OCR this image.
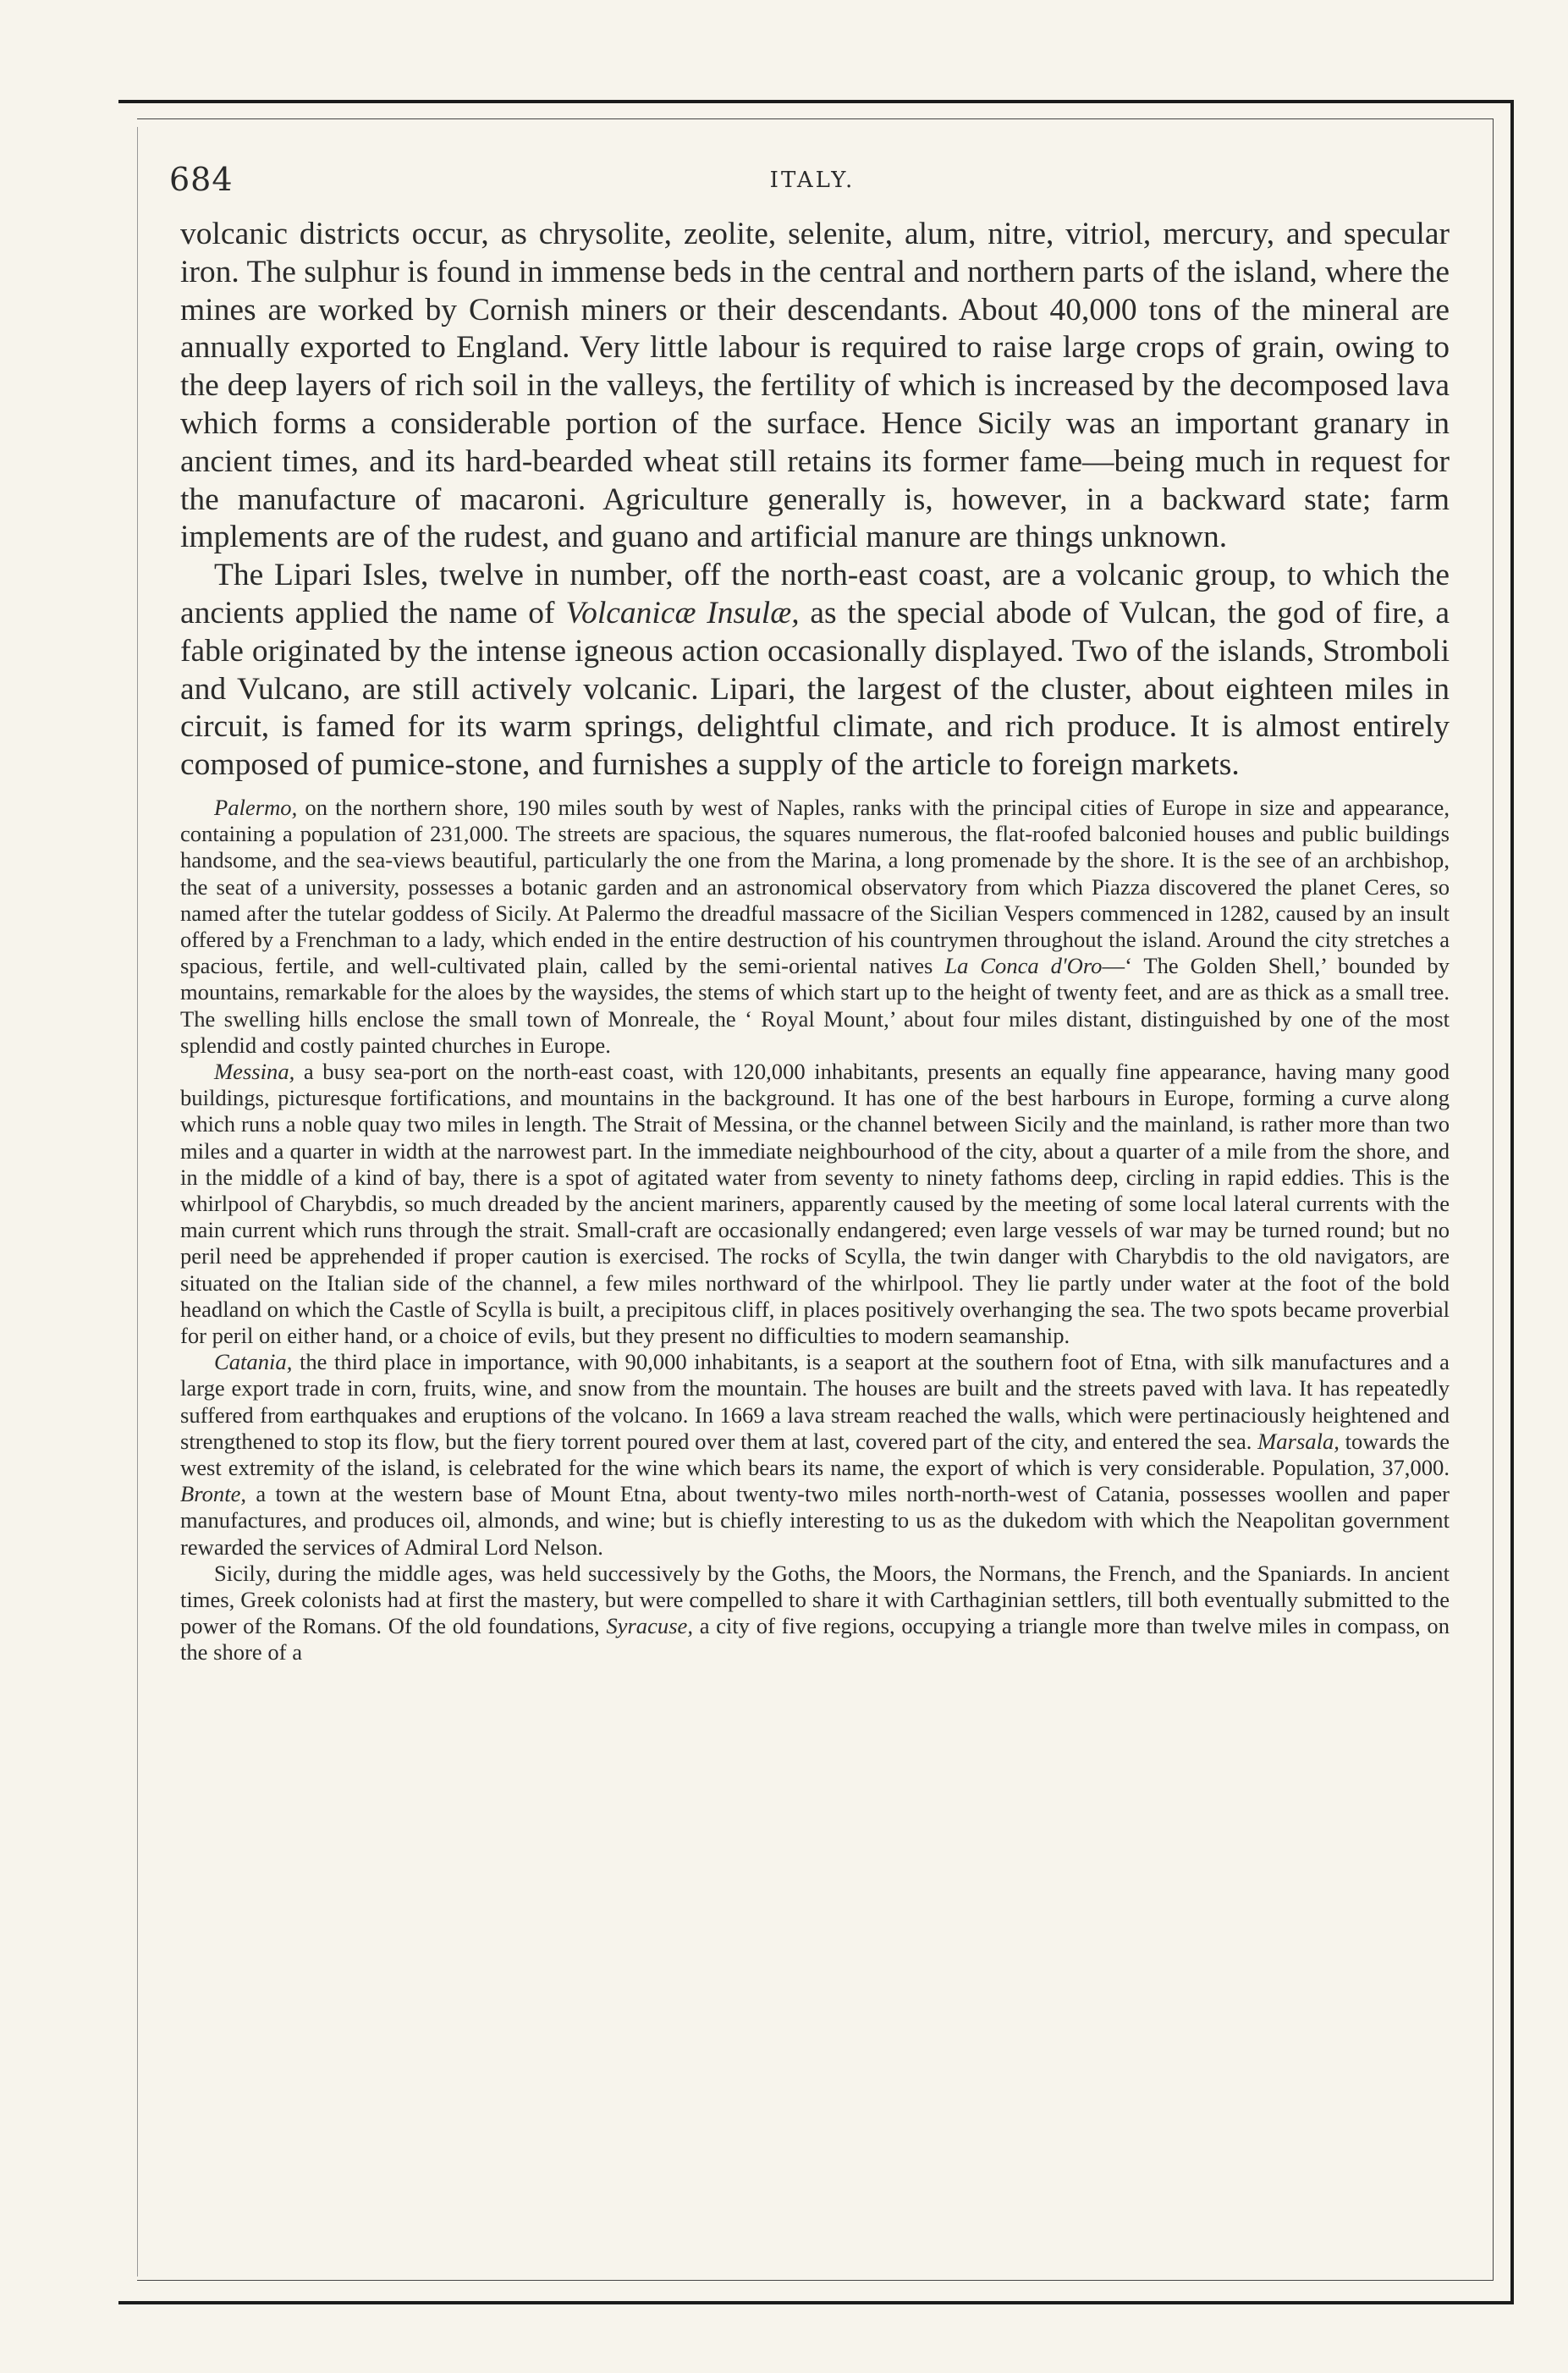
684	ITALY.

volcanic districts occur, as chrysolite, zeolite, selenite, alum, nitre, vitriol, mercury, and specular iron. The sulphur is found in immense beds in the central and northern parts of the island, where the mines are worked by Cornish miners or their descendants. About 40,000 tons of the mineral are annually exported to England. Very little labour is required to raise large crops of grain, owing to the deep layers of rich soil in the valleys, the fertility of which is increased by the decomposed lava which forms a considerable portion of the surface. Hence Sicily was an important granary in ancient times, and its hard-bearded wheat still retains its former fame—being much in request for the manufacture of macaroni. Agriculture generally is, however, in a backward state; farm implements are of the rudest, and guano and artificial manure are things unknown.

The Lipari Isles, twelve in number, off the north-east coast, are a volcanic group, to which the ancients applied the name of Volcanicæ Insulæ, as the special abode of Vulcan, the god of fire, a fable originated by the intense igneous action occasionally displayed. Two of the islands, Stromboli and Vulcano, are still actively volcanic. Lipari, the largest of the cluster, about eighteen miles in circuit, is famed for its warm springs, delightful climate, and rich produce. It is almost entirely composed of pumice-stone, and furnishes a supply of the article to foreign markets.

Palermo, on the northern shore, 190 miles south by west of Naples, ranks with the principal cities of Europe in size and appearance, containing a population of 231,000. The streets are spacious, the squares numerous, the flat-roofed balconied houses and public buildings handsome, and the sea-views beautiful, particularly the one from the Marina, a long promenade by the shore. It is the see of an archbishop, the seat of a university, possesses a botanic garden and an astronomical observatory from which Piazza discovered the planet Ceres, so named after the tutelar goddess of Sicily. At Palermo the dreadful massacre of the Sicilian Vespers commenced in 1282, caused by an insult offered by a Frenchman to a lady, which ended in the entire destruction of his countrymen throughout the island. Around the city stretches a spacious, fertile, and well-cultivated plain, called by the semi-oriental natives La Conca d'Oro—‘ The Golden Shell,’ bounded by mountains, remarkable for the aloes by the waysides, the stems of which start up to the height of twenty feet, and are as thick as a small tree. The swelling hills enclose the small town of Monreale, the ‘ Royal Mount,’ about four miles distant, distinguished by one of the most splendid and costly painted churches in Europe.

Messina, a busy sea-port on the north-east coast, with 120,000 inhabitants, presents an equally fine appearance, having many good buildings, picturesque fortifications, and mountains in the background. It has one of the best harbours in Europe, forming a curve along which runs a noble quay two miles in length. The Strait of Messina, or the channel between Sicily and the mainland, is rather more than two miles and a quarter in width at the narrowest part. In the immediate neighbourhood of the city, about a quarter of a mile from the shore, and in the middle of a kind of bay, there is a spot of agitated water from seventy to ninety fathoms deep, circling in rapid eddies. This is the whirlpool of Charybdis, so much dreaded by the ancient mariners, apparently caused by the meeting of some local lateral currents with the main current which runs through the strait. Small-craft are occasionally endangered; even large vessels of war may be turned round; but no peril need be apprehended if proper caution is exercised. The rocks of Scylla, the twin danger with Charybdis to the old navigators, are situated on the Italian side of the channel, a few miles northward of the whirlpool. They lie partly under water at the foot of the bold headland on which the Castle of Scylla is built, a precipitous cliff, in places positively overhanging the sea. The two spots became proverbial for peril on either hand, or a choice of evils, but they present no difficulties to modern seamanship.

Catania, the third place in importance, with 90,000 inhabitants, is a seaport at the southern foot of Etna, with silk manufactures and a large export trade in corn, fruits, wine, and snow from the mountain. The houses are built and the streets paved with lava. It has repeatedly suffered from earthquakes and eruptions of the volcano. In 1669 a lava stream reached the walls, which were pertinaciously heightened and strengthened to stop its flow, but the fiery torrent poured over them at last, covered part of the city, and entered the sea. Marsala, towards the west extremity of the island, is celebrated for the wine which bears its name, the export of which is very considerable. Population, 37,000. Bronte, a town at the western base of Mount Etna, about twenty-two miles north-north-west of Catania, possesses woollen and paper manufactures, and produces oil, almonds, and wine; but is chiefly interesting to us as the dukedom with which the Neapolitan government rewarded the services of Admiral Lord Nelson.

Sicily, during the middle ages, was held successively by the Goths, the Moors, the Normans, the French, and the Spaniards. In ancient times, Greek colonists had at first the mastery, but were compelled to share it with Carthaginian settlers, till both eventually submitted to the power of the Romans. Of the old foundations, Syracuse, a city of five regions, occupying a triangle more than twelve miles in compass, on the shore of a
